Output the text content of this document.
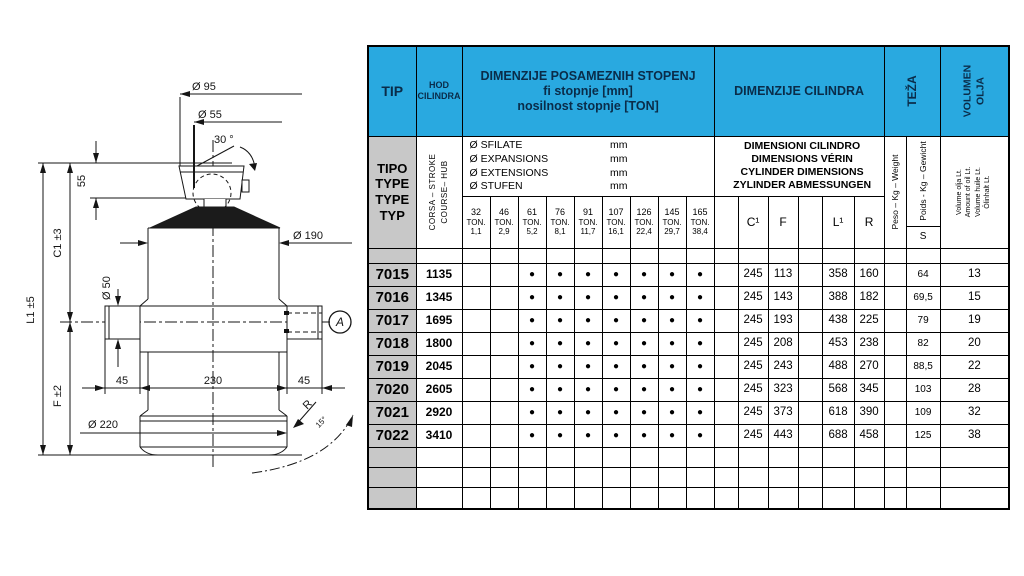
Ø 95
Ø 55
30 °
55
Ø 190
Ø 50
C1 ±3
L1 ±5
F ±2
45	230	45
Ø 220
A
R
15°
TIP	HOD
CILINDRA

DIMENZIJE POSAMEZNIH STOPENJ
fi stopnje [mm]
nosilnost stopnje [TON]
	DIMENZIJE CILINDRA	TEŽA	VOLUMEN OLJA

TIPO
TYPE
TYPE
TYP	CORSA – STROKE COURSE– HUB

Ø SFILATE	mm
Ø EXPANSIONS	mm
Ø EXTENSIONS	mm
Ø STUFEN	mm

DIMENSIONI CILINDRO
DIMENSIONS VÉRIN
CYLINDER DIMENSIONS
ZYLINDER ABMESSUNGEN	Peso – Kg – Weight	Poids - Kg – Gewicht	Volume olja Lt. Amount of oil Lt. Volume huile Lt. Ölinhalt Lt.

32
TON.
1,1

46
TON.
2,9

61
TON.
5,2

76
TON.
8,1

91
TON.
11,7

107
TON.
16,1

126
TON.
22,4

145
TON.
29,7

165
TON.
38,4
		C¹	F		L¹	R
																		S	

7015	1135			●	●	●	●	●	●	●		245	113		358	160		64	13
7016	1345			●	●	●	●	●	●	●		245	143		388	182		69,5	15
7017	1695			●	●	●	●	●	●	●		245	193		438	225		79	19
7018	1800			●	●	●	●	●	●	●		245	208		453	238		82	20
7019	2045			●	●	●	●	●	●	●		245	243		488	270		88,5	22
7020	2605			●	●	●	●	●	●	●		245	323		568	345		103	28
7021	2920			●	●	●	●	●	●	●		245	373		618	390		109	32
7022	3410			●	●	●	●	●	●	●		245	443		688	458		125	38
